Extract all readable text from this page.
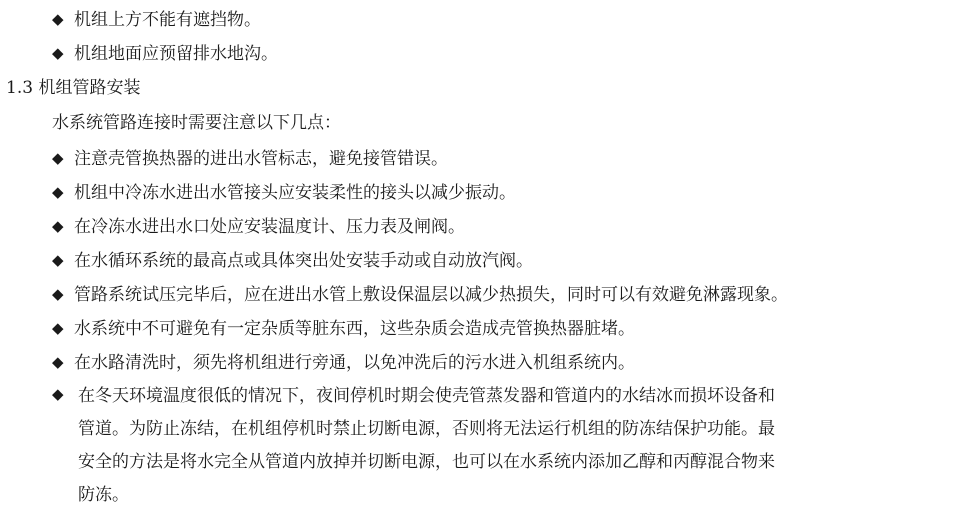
◆ 机组上方不能有遮挡物。
◆ 机组地面应预留排水地沟。
1.3 机组管路安装
水系统管路连接时需要注意以下几点：
◆ 注意壳管换热器的进出水管标志，避免接管错误。
◆ 机组中冷冻水进出水管接头应安装柔性的接头以减少振动。
◆ 在冷冻水进出水口处应安装温度计、压力表及闸阀。
◆ 在水循环系统的最高点或具体突出处安装手动或自动放汽阀。
◆ 管路系统试压完毕后，应在进出水管上敷设保温层以减少热损失，同时可以有效避免淋露现象。
◆ 水系统中不可避免有一定杂质等脏东西，这些杂质会造成壳管换热器脏堵。
◆ 在水路清洗时，须先将机组进行旁通，以免冲洗后的污水进入机组系统内。
◆ 在冬天环境温度很低的情况下，夜间停机时期会使壳管蒸发器和管道内的水结冰而损坏设备和
管道。为防止冻结，在机组停机时禁止切断电源，否则将无法运行机组的防冻结保护功能。最
安全的方法是将水完全从管道内放掉并切断电源，也可以在水系统内添加乙醇和丙醇混合物来
防冻。
